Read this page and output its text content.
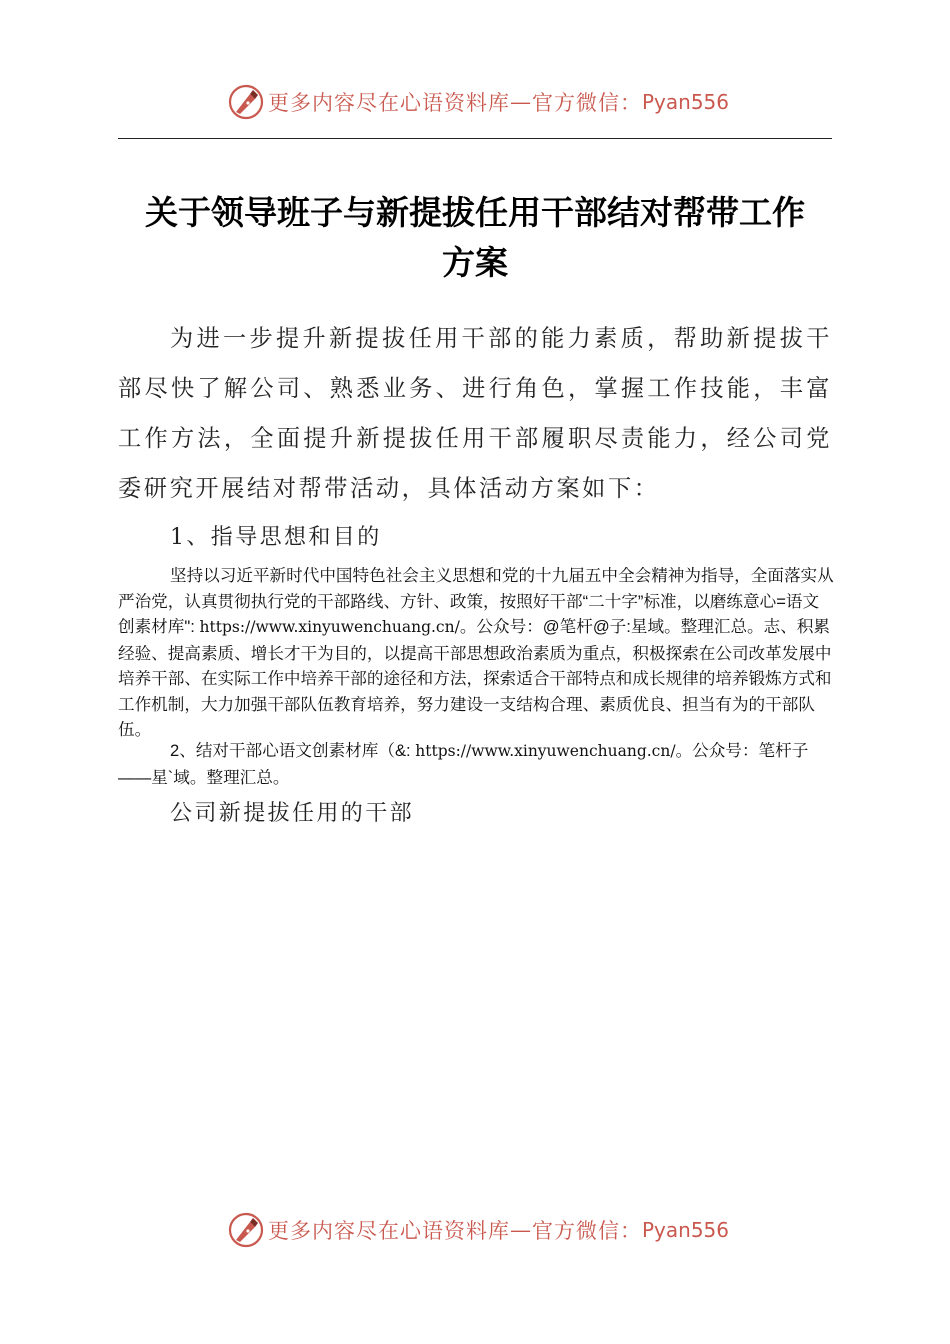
更多内容尽在心语资料库 — 官方微信： Pyan556
关于领导班子与新提拔任用干部结对帮带工作
方案
为进一步提升新提拔任用干部的能力素质，帮助新提拔干部尽快了解公司、熟悉业务、进行角色，掌握工作技能，丰富工作方法，全面提升新提拔任用干部履职尽责能力，经公司党委研究开展结对帮带活动，具体活动方案如下：
1、指导思想和目的
坚持以习近平新时代中国特色社会主义思想和党的十九届五中全会精神为指导，全面落实从严治党，认真贯彻执行党的干部路线、方针、政策，按照好干部“二十字”标准，以磨练意心=语文创素材库": https://www.xinyuwenchuang.cn/。公众号：@笔杆@子:星域。整理汇总。志、积累经验、提高素质、增长才干为目的，以提高干部思想政治素质为重点，积极探索在公司改革发展中培养干部、在实际工作中培养干部的途径和方法，探索适合干部特点和成长规律的培养锻炼方式和工作机制，大力加强干部队伍教育培养，努力建设一支结构合理、素质优良、担当有为的干部队伍。
2、结对干部心语文创素材库（&: https://www.xinyuwenchuang.cn/。公众号：笔杆子——星`域。整理汇总。
公司新提拔任用的干部
更多内容尽在心语资料库 — 官方微信： Pyan556
